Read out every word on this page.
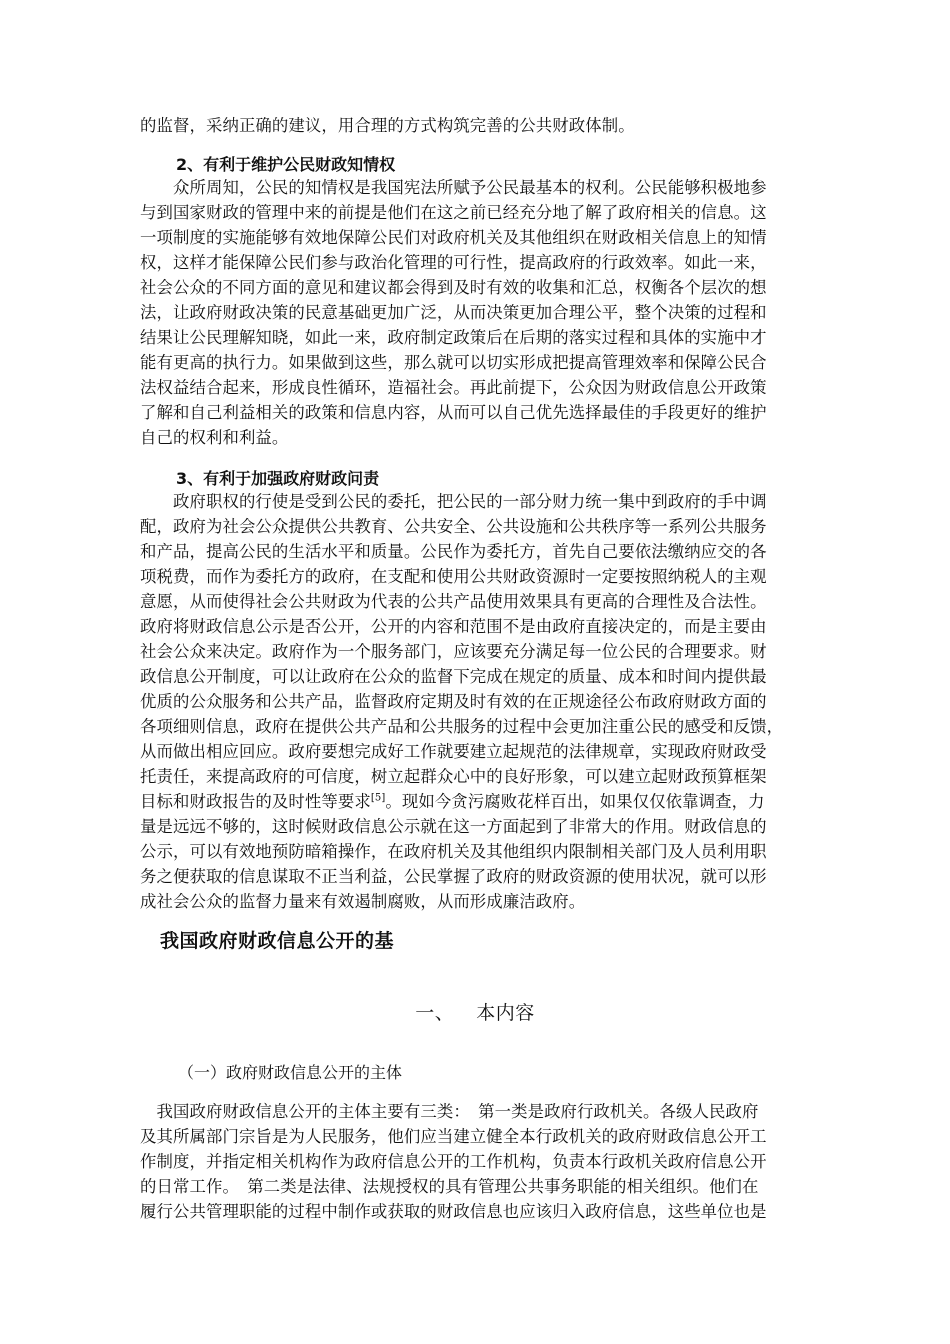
的监督，采纳正确的建议，用合理的方式构筑完善的公共财政体制。

2、有利于维护公民财政知情权

　　众所周知，公民的知情权是我国宪法所赋予公民最基本的权利。公民能够积极地参
与到国家财政的管理中来的前提是他们在这之前已经充分地了解了政府相关的信息。这
一项制度的实施能够有效地保障公民们对政府机关及其他组织在财政相关信息上的知情
权，这样才能保障公民们参与政治化管理的可行性，提高政府的行政效率。如此一来，
社会公众的不同方面的意见和建议都会得到及时有效的收集和汇总，权衡各个层次的想
法，让政府财政决策的民意基础更加广泛，从而决策更加合理公平，整个决策的过程和
结果让公民理解知晓，如此一来，政府制定政策后在后期的落实过程和具体的实施中才
能有更高的执行力。如果做到这些，那么就可以切实形成把提高管理效率和保障公民合
法权益结合起来，形成良性循环，造福社会。再此前提下，公众因为财政信息公开政策
了解和自己利益相关的政策和信息内容，从而可以自己优先选择最佳的手段更好的维护
自己的权利和利益。

3、有利于加强政府财政问责

　　政府职权的行使是受到公民的委托，把公民的一部分财力统一集中到政府的手中调
配，政府为社会公众提供公共教育、公共安全、公共设施和公共秩序等一系列公共服务
和产品，提高公民的生活水平和质量。公民作为委托方，首先自己要依法缴纳应交的各
项税费，而作为委托方的政府，在支配和使用公共财政资源时一定要按照纳税人的主观
意愿，从而使得社会公共财政为代表的公共产品使用效果具有更高的合理性及合法性。
政府将财政信息公示是否公开，公开的内容和范围不是由政府直接决定的，而是主要由
社会公众来决定。政府作为一个服务部门，应该要充分满足每一位公民的合理要求。财
政信息公开制度，可以让政府在公众的监督下完成在规定的质量、成本和时间内提供最
优质的公众服务和公共产品，监督政府定期及时有效的在正规途径公布政府财政方面的
各项细则信息，政府在提供公共产品和公共服务的过程中会更加注重公民的感受和反馈，
从而做出相应回应。政府要想完成好工作就要建立起规范的法律规章，实现政府财政受
托责任，来提高政府的可信度，树立起群众心中的良好形象，可以建立起财政预算框架
目标和财政报告的及时性等要求[5]。现如今贪污腐败花样百出，如果仅仅依靠调查，力
量是远远不够的，这时候财政信息公示就在这一方面起到了非常大的作用。财政信息的
公示，可以有效地预防暗箱操作，在政府机关及其他组织内限制相关部门及人员利用职
务之便获取的信息谋取不正当利益，公民掌握了政府的财政资源的使用状况，就可以形
成社会公众的监督力量来有效遏制腐败，从而形成廉洁政府。

我国政府财政信息公开的基

一、 本内容

（一）政府财政信息公开的主体

　我国政府财政信息公开的主体主要有三类：　第一类是政府行政机关。各级人民政府
及其所属部门宗旨是为人民服务，他们应当建立健全本行政机关的政府财政信息公开工
作制度，并指定相关机构作为政府信息公开的工作机构，负责本行政机关政府信息公开
的日常工作。　第二类是法律、法规授权的具有管理公共事务职能的相关组织。他们在
履行公共管理职能的过程中制作或获取的财政信息也应该归入政府信息，这些单位也是
